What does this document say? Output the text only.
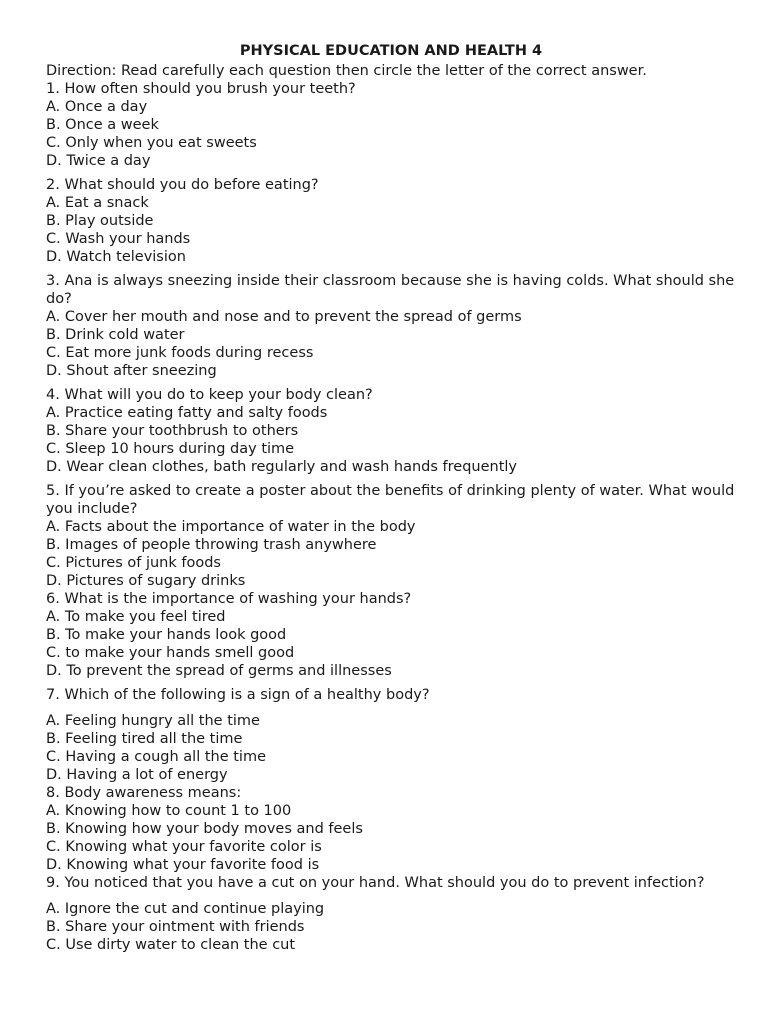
PHYSICAL EDUCATION AND HEALTH 4
Direction: Read carefully each question then circle the letter of the correct answer.
1. How often should you brush your teeth?
A. Once a day
B. Once a week
C. Only when you eat sweets
D. Twice a day
2. What should you do before eating?
A. Eat a snack
B. Play outside
C. Wash your hands
D. Watch television
3. Ana is always sneezing inside their classroom because she is having colds. What should she do?
A. Cover her mouth and nose and to prevent the spread of germs
B. Drink cold water
C. Eat more junk foods during recess
D. Shout after sneezing
4. What will you do to keep your body clean?
A. Practice eating fatty and salty foods
B. Share your toothbrush to others
C. Sleep 10 hours during day time
D. Wear clean clothes, bath regularly and wash hands frequently
5. If you’re asked to create a poster about the benefits of drinking plenty of water. What would you include?
A. Facts about the importance of water in the body
B. Images of people throwing trash anywhere
C. Pictures of junk foods
D. Pictures of sugary drinks
6. What is the importance of washing your hands?
A. To make you feel tired
B. To make your hands look good
C. to make your hands smell good
D. To prevent the spread of germs and illnesses
7. Which of the following is a sign of a healthy body?
A. Feeling hungry all the time
B. Feeling tired all the time
C. Having a cough all the time
D. Having a lot of energy
8. Body awareness means:
A. Knowing how to count 1 to 100
B. Knowing how your body moves and feels
C. Knowing what your favorite color is
D. Knowing what your favorite food is
9. You noticed that you have a cut on your hand. What should you do to prevent infection?
A. Ignore the cut and continue playing
B. Share your ointment with friends
C. Use dirty water to clean the cut
